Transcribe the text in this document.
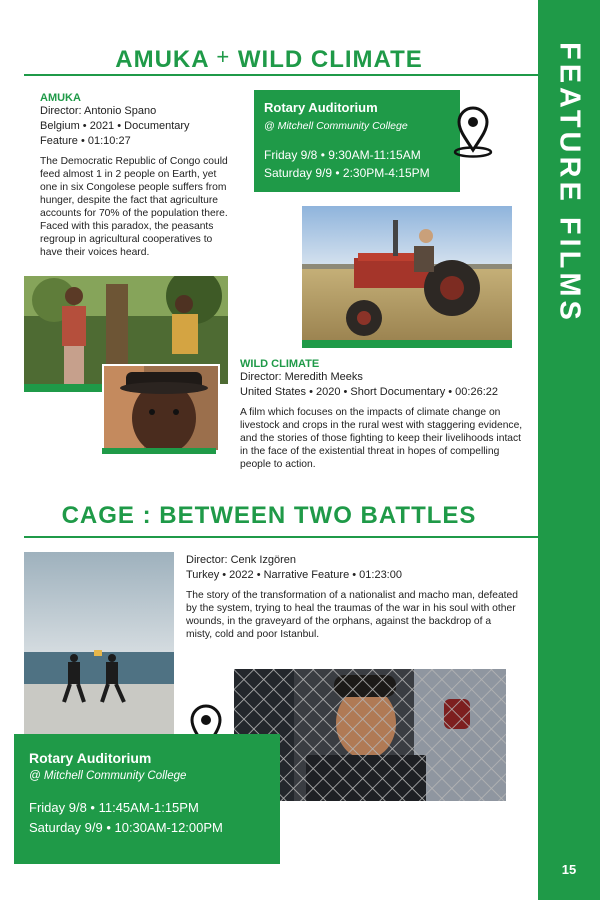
FEATURE FILMS
15
AMUKA + WILD CLIMATE
AMUKA
Director: Antonio Spano
Belgium • 2021 • Documentary
Feature • 01:10:27
The Democratic Republic of Congo could feed almost 1 in 2 people on Earth, yet one in six Congolese people suffers from hunger, despite the fact that agriculture accounts for 70% of the population there. Faced with this paradox, the peasants regroup in agricultural cooperatives to have their voices heard.
Rotary Auditorium
@ Mitchell Community College
Friday 9/8 • 9:30AM-11:15AM
Saturday 9/9 • 2:30PM-4:15PM
WILD CLIMATE
Director: Meredith Meeks
United States • 2020 • Short Documentary • 00:26:22
A film which focuses on the impacts of climate change on livestock and crops in the rural west with staggering evidence, and the stories of those fighting to keep their livelihoods intact in the face of the existential threat in hopes of compelling people to action.
CAGE : BETWEEN TWO BATTLES
Director: Cenk Izgören
Turkey • 2022 • Narrative Feature • 01:23:00
The story of the transformation of a nationalist and macho man, defeated by the system, trying to heal the traumas of the war in his soul with other wounds, in the graveyard of the orphans, against the backdrop of a misty, cold and poor Istanbul.
Rotary Auditorium
@ Mitchell Community College
Friday 9/8 • 11:45AM-1:15PM
Saturday 9/9 • 10:30AM-12:00PM
